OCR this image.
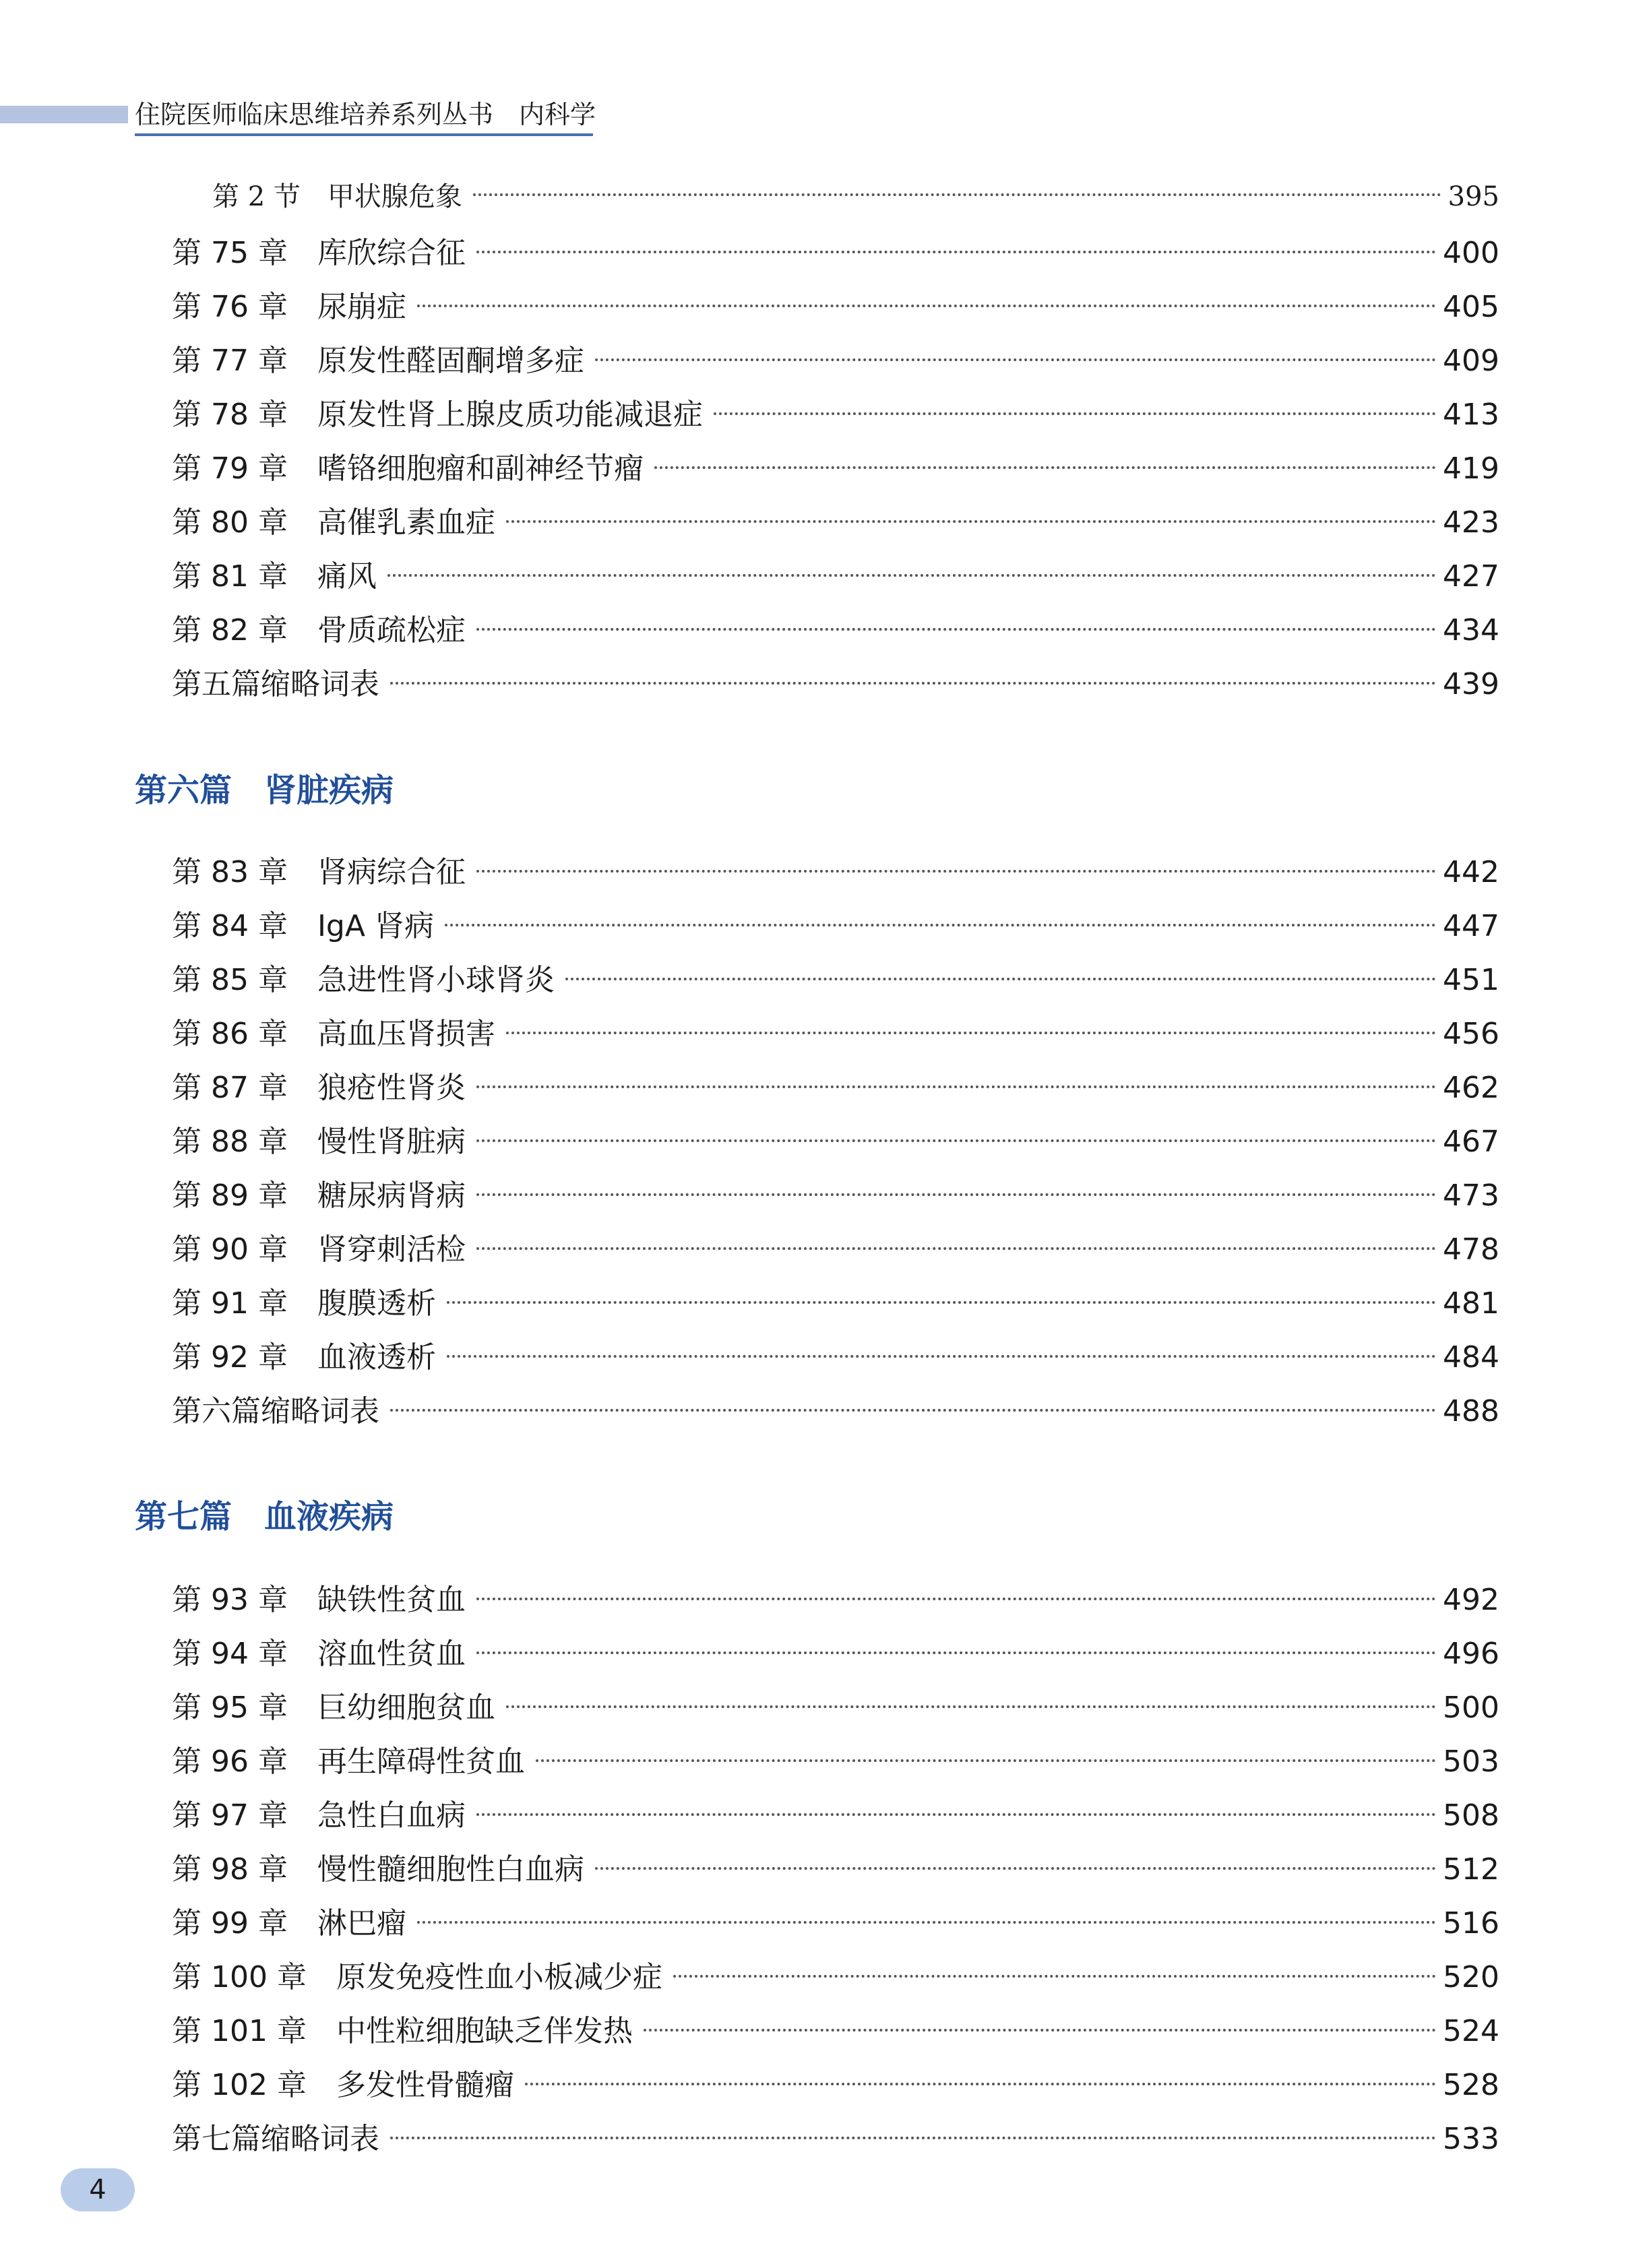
住院医师临床思维培养系列丛书　内科学
第 2 节　甲状腺危象	395
第 75 章　库欣综合征	400
第 76 章　尿崩症	405
第 77 章　原发性醛固酮增多症	409
第 78 章　原发性肾上腺皮质功能减退症	413
第 79 章　嗜铬细胞瘤和副神经节瘤	419
第 80 章　高催乳素血症	423
第 81 章　痛风	427
第 82 章　骨质疏松症	434
第五篇缩略词表	439
第六篇　肾脏疾病
第 83 章　肾病综合征	442
第 84 章　IgA 肾病	447
第 85 章　急进性肾小球肾炎	451
第 86 章　高血压肾损害	456
第 87 章　狼疮性肾炎	462
第 88 章　慢性肾脏病	467
第 89 章　糖尿病肾病	473
第 90 章　肾穿刺活检	478
第 91 章　腹膜透析	481
第 92 章　血液透析	484
第六篇缩略词表	488
第七篇　血液疾病
第 93 章　缺铁性贫血	492
第 94 章　溶血性贫血	496
第 95 章　巨幼细胞贫血	500
第 96 章　再生障碍性贫血	503
第 97 章　急性白血病	508
第 98 章　慢性髓细胞性白血病	512
第 99 章　淋巴瘤	516
第 100 章　原发免疫性血小板减少症	520
第 101 章　中性粒细胞缺乏伴发热	524
第 102 章　多发性骨髓瘤	528
第七篇缩略词表	533
4
